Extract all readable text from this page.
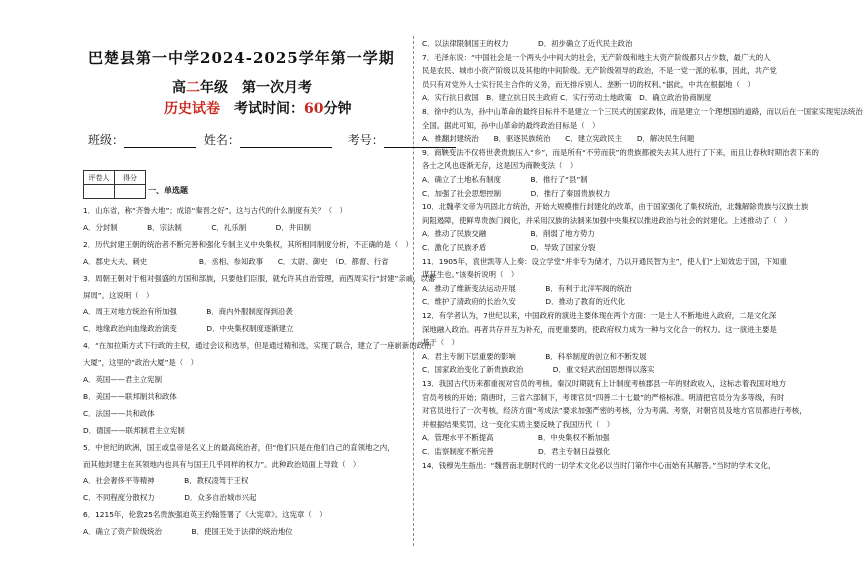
巴楚县第一中学2024-2025学年第一学期
高二年级　第一次月考
历史试卷　考试时间：60分钟
班级：	姓名：	考号：
评卷人	得分

一、单选题
1．山东省，称“齐鲁大地”；成语“秦晋之好”。这与古代的什么制度有关？（　）
A．分封制　　　　B．宗法制　　　　C．礼乐制　　　　D．井田制
2．历代封建王朝的统治者不断完善和强化专制主义中央集权，其所相同制度分析，不正确的是（　）
A．郡史大夫、刺史　　　　　　　B．丞相、参知政事　　C．太尉、御史　（D．都督、行省
3．周朝王朝对于相对强盛的方国和部族，只要他们臣服，就允许其自治管理，而西周实行“封建”亲戚，以蕃
屏周”。这说明（　）
A．周王对地方统治有所加强　　　　B．商内外服制度得到沿袭
C．地缘政治向血缘政治演变　　　　D．中央集权制度逐渐建立
4．“在加拉斯方式下行政的主权，通过会议和选举，但是通过精和选，实现了联合，建立了一座崭新的政治
大厦”，这里的“政治大厦”是（　）
A．英国——君主立宪制
B．美国——联邦制共和政体
C．法国——共和政体
D．德国——联邦制君主立宪制
5．中世纪的欧洲，国王或皇帝是名义上的最高统治者，但“他们只是在他们自己的直领地之内，
而其他封建主在其领地内也具有与国王几乎同样的权力”。此种政治局面上导致（　）
A．社会奢侈平等精神　　　　B．教权凌驾于王权
C．不同程度分散权力　　　　D．众多自治城市兴起
6．1215年，伦敦25名贵族强迫英王约翰签署了《大宪章》。这宪章（　）
A．确立了资产阶级统治　　　　B．使国王处于法律的统治地位
C．以法律限制国王的权力　　　　D．初步确立了近代民主政治
7．毛泽东说：“中国社会是一个两头小中间大的社会，无产阶级和地主大资产阶级都只占少数，最广大的人
民是农民、城市小资产阶级以及其他的中间阶级。无产阶级领导的政治，不是一党一派的私事，因此，共产党
员只有对党外人士实行民主合作的义务，而无排斥别人、垄断一切的权利。”据此，中共在根据地（　）
A．实行抗日救国　B．建立抗日民主政府 C．实行劳动土地政策　D．确立政治协商制度
8．徐中约认为，孙中山革命的最终目标并不是建立一个三民式的国家政体，而是建立一个理想国的道路，而以后在一国家实现宪法统治
全国。据此可知，孙中山革命的最终政治目标是（　）
A．推翻封建统治　　B．驱逐民族统治　　C．建立宪政民主　　D．解决民生问题
9．商鞅变法不仅将世袭贵族压入“乡”，而是所有“不劳而获”的贵族都被失去其人进行了下来，而且让春秋时期治表下来的
各士之风也逐渐无存，这是因为商鞅变法（　）
A．确立了土地私有制度　　　　B．推行了“县”制
C．加强了社会思想控制　　　　D．推行了秦国贵族权力
10．北魏孝文帝为巩固北方统治，开始大规模推行封建化的改革，由于国家强化了集权统治，北魏解除贵族与汉族士族
间阻遏障，使鲜卑贵族门阀化，并采用汉族的法制来加强中央集权以推进政治与社会的封建化。上述推动了（　）
A．推动了民族交融　　　　　　B．削弱了地方势力
C．激化了民族矛盾　　　　　　D．导致了国家分裂
11．1905年，袁世凯等人上奏：设立学堂“并非专为储才，乃以开通民智为主”，使人们“上知效忠于国，下知重
谋其生也。”该奏折说明（　）
A．推动了维新变法运动开展　　　　B．有利于北洋军阀的统治
C．维护了清政府的长治久安　　　　D．推动了教育的近代化
12．有学者认为，7世纪以来，中国政府的演进主要体现在两个方面：一是士人不断地进入政府，二是文化深
深地融入政治。再者共存并互为补充，而更重要的，使政府权力成为一种与文化合一的权力。这一演进主要是
基于（　）
A．君主专制下层重要的影响　　　　B．科举制度的创立和不断发展
C．国家政治变化了新贵族政治　　　　D．重文轻武治国思想得以落实
13．我国古代历来都重视对官员的考核。秦汉时期就有上计制度考核郡县一年的财政收入，这标志着我国对地方
官员考核的开始；隋唐时，三省六部制下，考课官员“四善二十七最”的严格标准。明清把官员分为多等级，有时
对官员进行了一次考核，经济方面“考成法”要求加强严密的考核，分为考满、考察，对朝官员及地方官员都进行考核，
并根据结果奖罚，这一变化实质主要反映了我国历代（　）
A．管理水平不断提高　　　　　　B．中央集权不断加强
C．监察制度不断完善　　　　　　D．君主专制日益强化
14．钱穆先生指出：“魏晋南北朝时代的一切学术文化必以当时门第作中心而始有其解答。”当时的学术文化，
